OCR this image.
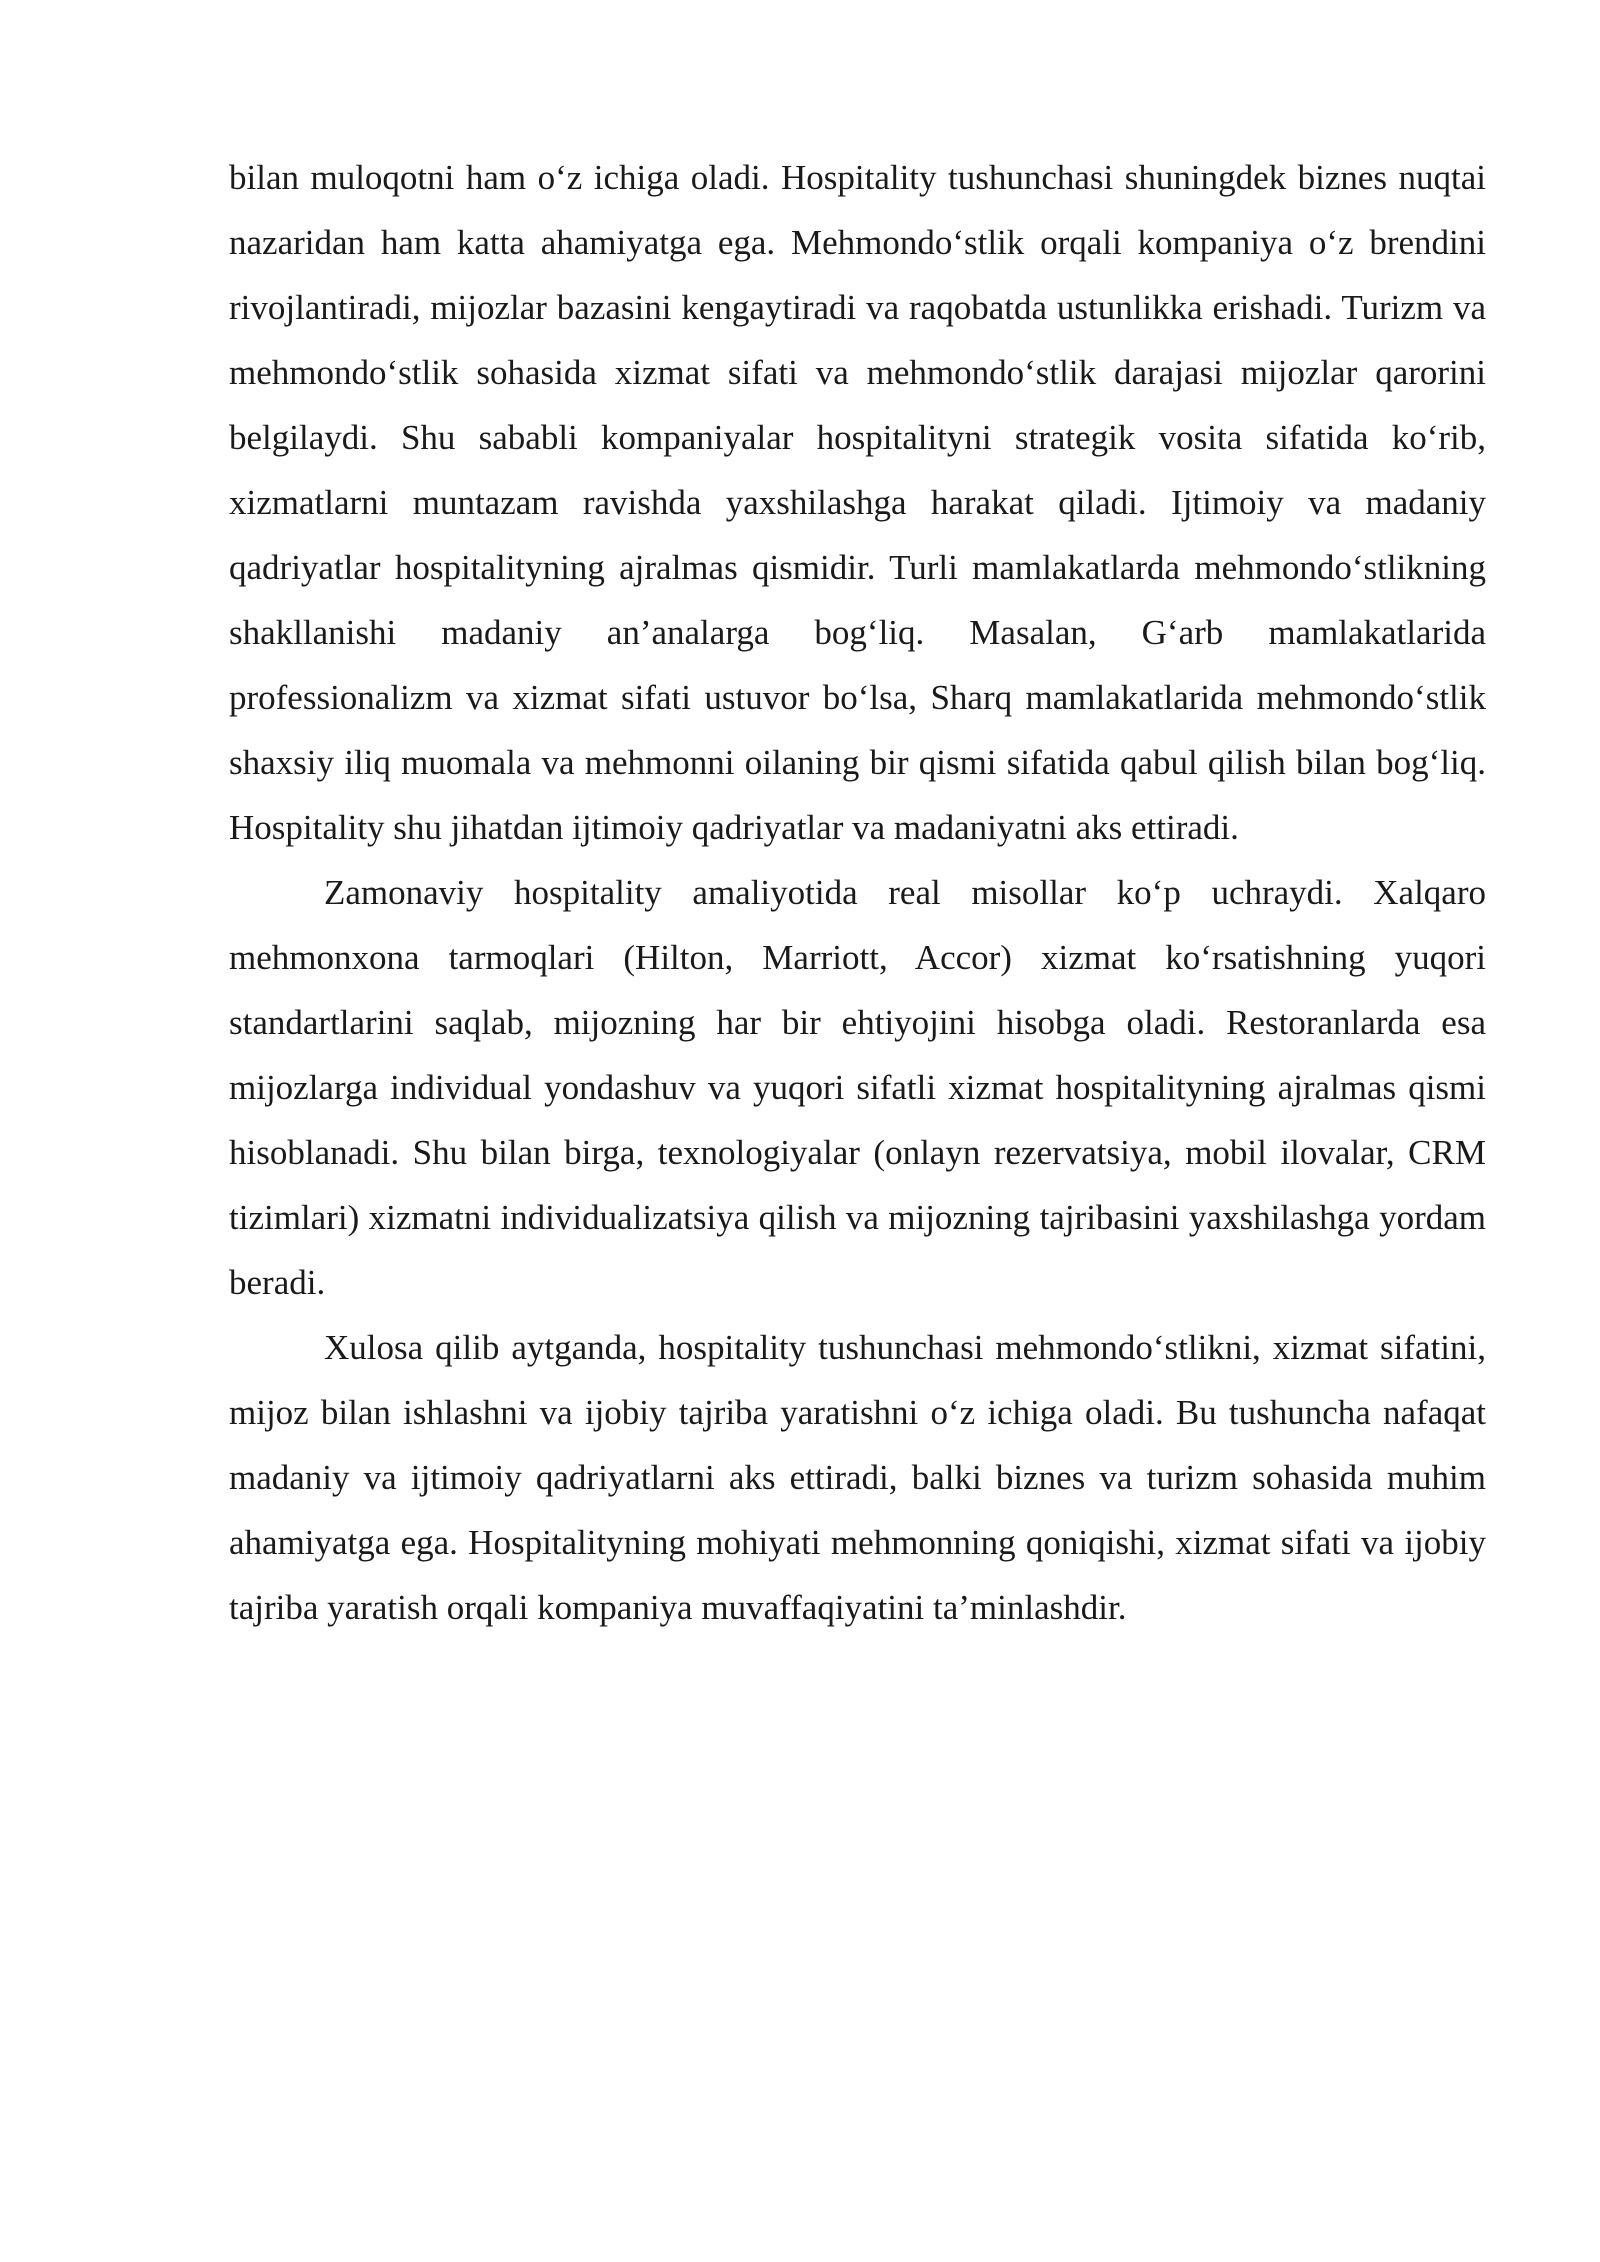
bilan muloqotni ham o‘z ichiga oladi. Hospitality tushunchasi shuningdek biznes nuqtai nazaridan ham katta ahamiyatga ega. Mehmondo‘stlik orqali kompaniya o‘z brendini rivojlantiradi, mijozlar bazasini kengaytiradi va raqobatda ustunlikka erishadi. Turizm va mehmondo‘stlik sohasida xizmat sifati va mehmondo‘stlik darajasi mijozlar qarorini belgilaydi. Shu sababli kompaniyalar hospitalityni strategik vosita sifatida ko‘rib, xizmatlarni muntazam ravishda yaxshilashga harakat qiladi. Ijtimoiy va madaniy qadriyatlar hospitalityning ajralmas qismidir. Turli mamlakatlarda mehmondo‘stlikning shakllanishi madaniy an’analarga bog‘liq. Masalan, G‘arb mamlakatlarida professionalizm va xizmat sifati ustuvor bo‘lsa, Sharq mamlakatlarida mehmondo‘stlik shaxsiy iliq muomala va mehmonni oilaning bir qismi sifatida qabul qilish bilan bog‘liq. Hospitality shu jihatdan ijtimoiy qadriyatlar va madaniyatni aks ettiradi.

Zamonaviy hospitality amaliyotida real misollar ko‘p uchraydi. Xalqaro mehmonxona tarmoqlari (Hilton, Marriott, Accor) xizmat ko‘rsatishning yuqori standartlarini saqlab, mijozning har bir ehtiyojini hisobga oladi. Restoranlarda esa mijozlarga individual yondashuv va yuqori sifatli xizmat hospitalityning ajralmas qismi hisoblanadi. Shu bilan birga, texnologiyalar (onlayn rezervatsiya, mobil ilovalar, CRM tizimlari) xizmatni individualizatsiya qilish va mijozning tajribasini yaxshilashga yordam beradi.

Xulosa qilib aytganda, hospitality tushunchasi mehmondo‘stlikni, xizmat sifatini, mijoz bilan ishlashni va ijobiy tajriba yaratishni o‘z ichiga oladi. Bu tushuncha nafaqat madaniy va ijtimoiy qadriyatlarni aks ettiradi, balki biznes va turizm sohasida muhim ahamiyatga ega. Hospitalityning mohiyati mehmonning qoniqishi, xizmat sifati va ijobiy tajriba yaratish orqali kompaniya muvaffaqiyatini ta’minlashdir.
